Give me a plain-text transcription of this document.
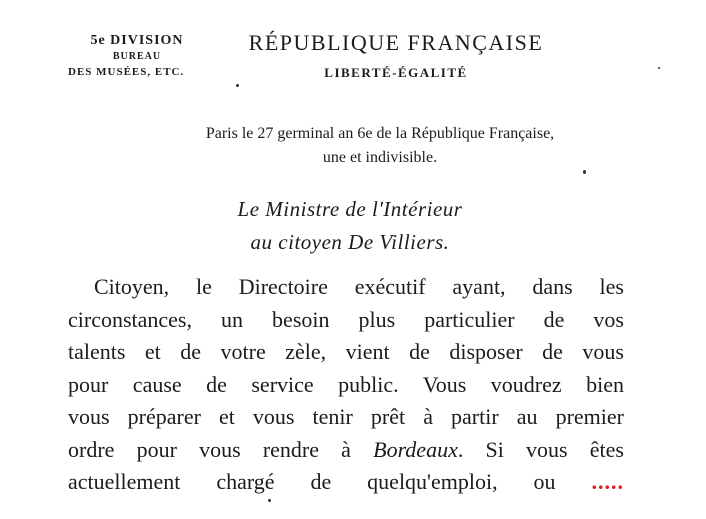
5e DIVISION
BUREAU
DES MUSÉES, ETC.
RÉPUBLIQUE FRANÇAISE
LIBERTÉ-ÉGALITÉ
Paris le 27 germinal an 6e de la République Française,
une et indivisible.
Le Ministre de l'Intérieur
au citoyen De Villiers.
Citoyen, le Directoire exécutif ayant, dans les
circonstances, un besoin plus particulier de vos
talents et de votre zèle, vient de disposer de vous
pour cause de service public. Vous voudrez bien
vous préparer et vous tenir prêt à partir au premier
ordre pour vous rendre à Bordeaux. Si vous êtes
actuellement chargé de quelqu'emploi, ou .....
